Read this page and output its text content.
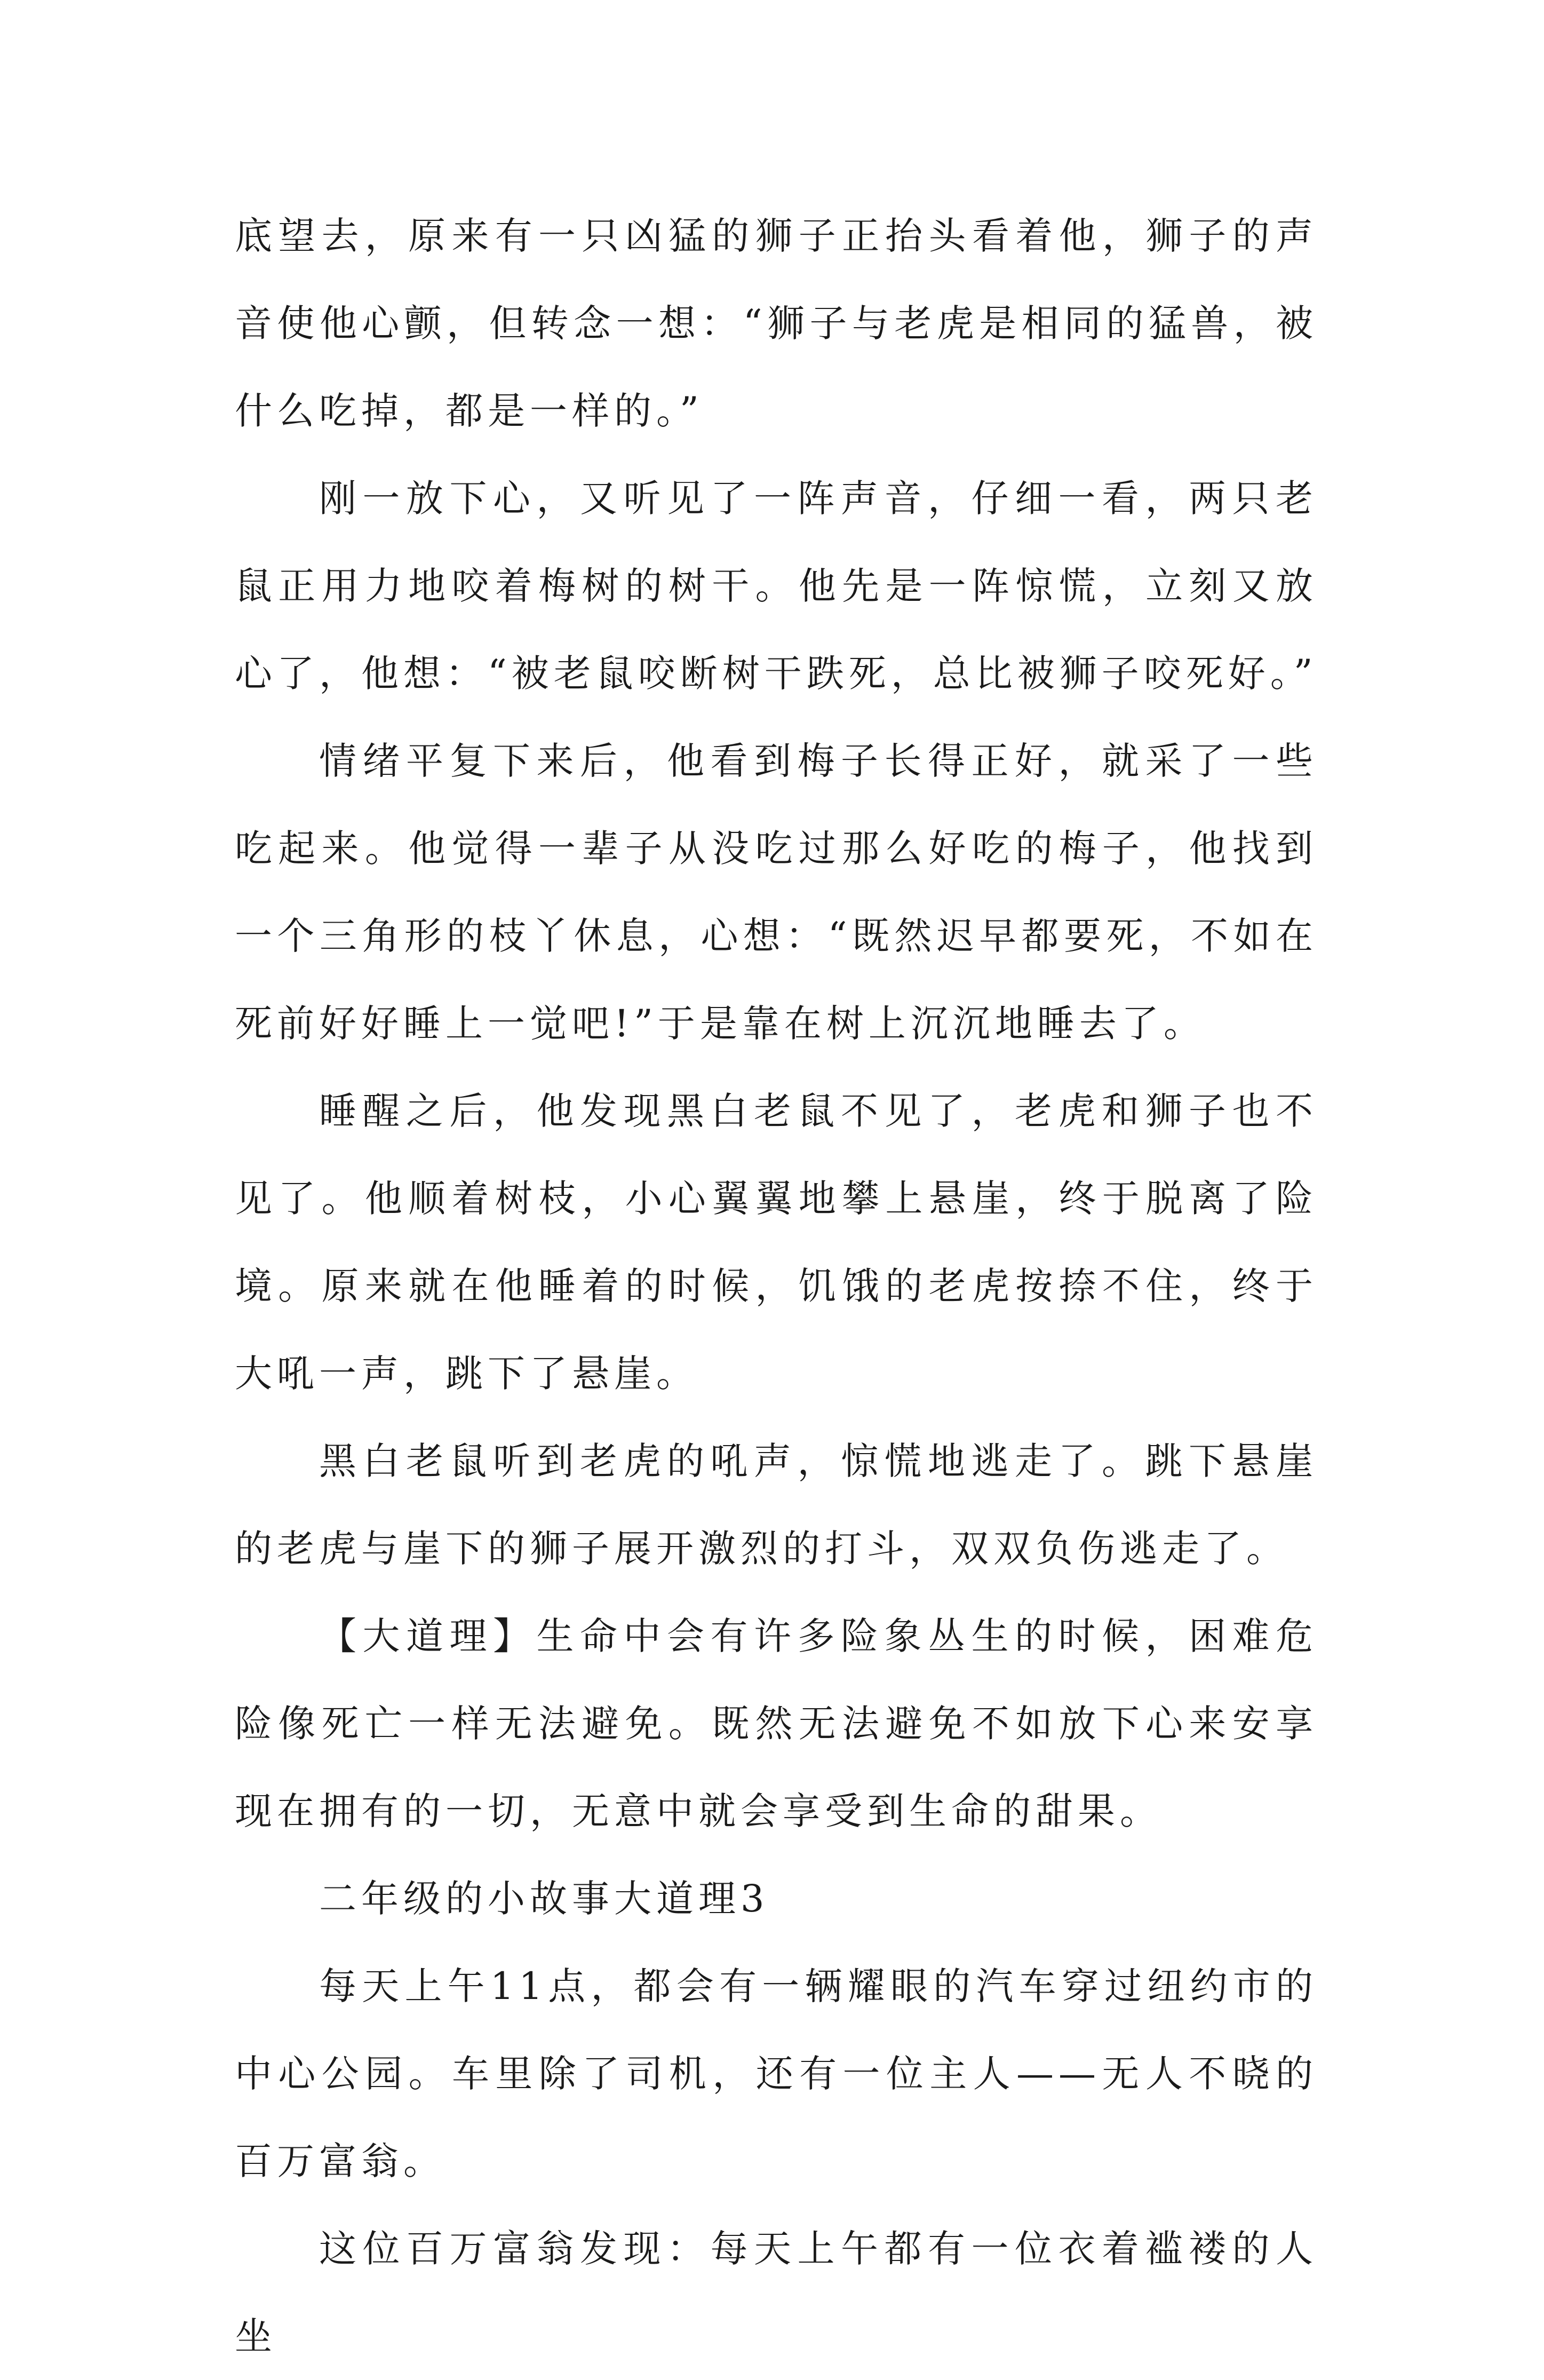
底望去，原来有一只凶猛的狮子正抬头看着他，狮子的声音使他心颤，但转念一想：“狮子与老虎是相同的猛兽，被什么吃掉，都是一样的。”

刚一放下心，又听见了一阵声音，仔细一看，两只老鼠正用力地咬着梅树的树干。他先是一阵惊慌，立刻又放心了，他想：“被老鼠咬断树干跌死，总比被狮子咬死好。”

情绪平复下来后，他看到梅子长得正好，就采了一些吃起来。他觉得一辈子从没吃过那么好吃的梅子，他找到一个三角形的枝丫休息，心想：“既然迟早都要死，不如在死前好好睡上一觉吧!”于是靠在树上沉沉地睡去了。

睡醒之后，他发现黑白老鼠不见了，老虎和狮子也不见了。他顺着树枝，小心翼翼地攀上悬崖，终于脱离了险境。原来就在他睡着的时候，饥饿的老虎按捺不住，终于大吼一声，跳下了悬崖。

黑白老鼠听到老虎的吼声，惊慌地逃走了。跳下悬崖的老虎与崖下的狮子展开激烈的打斗，双双负伤逃走了。

【大道理】生命中会有许多险象丛生的时候，困难危险像死亡一样无法避免。既然无法避免不如放下心来安享现在拥有的一切，无意中就会享受到生命的甜果。

二年级的小故事大道理3

每天上午11点，都会有一辆耀眼的汽车穿过纽约市的中心公园。车里除了司机，还有一位主人——无人不晓的百万富翁。

这位百万富翁发现：每天上午都有一位衣着褴褛的人坐
